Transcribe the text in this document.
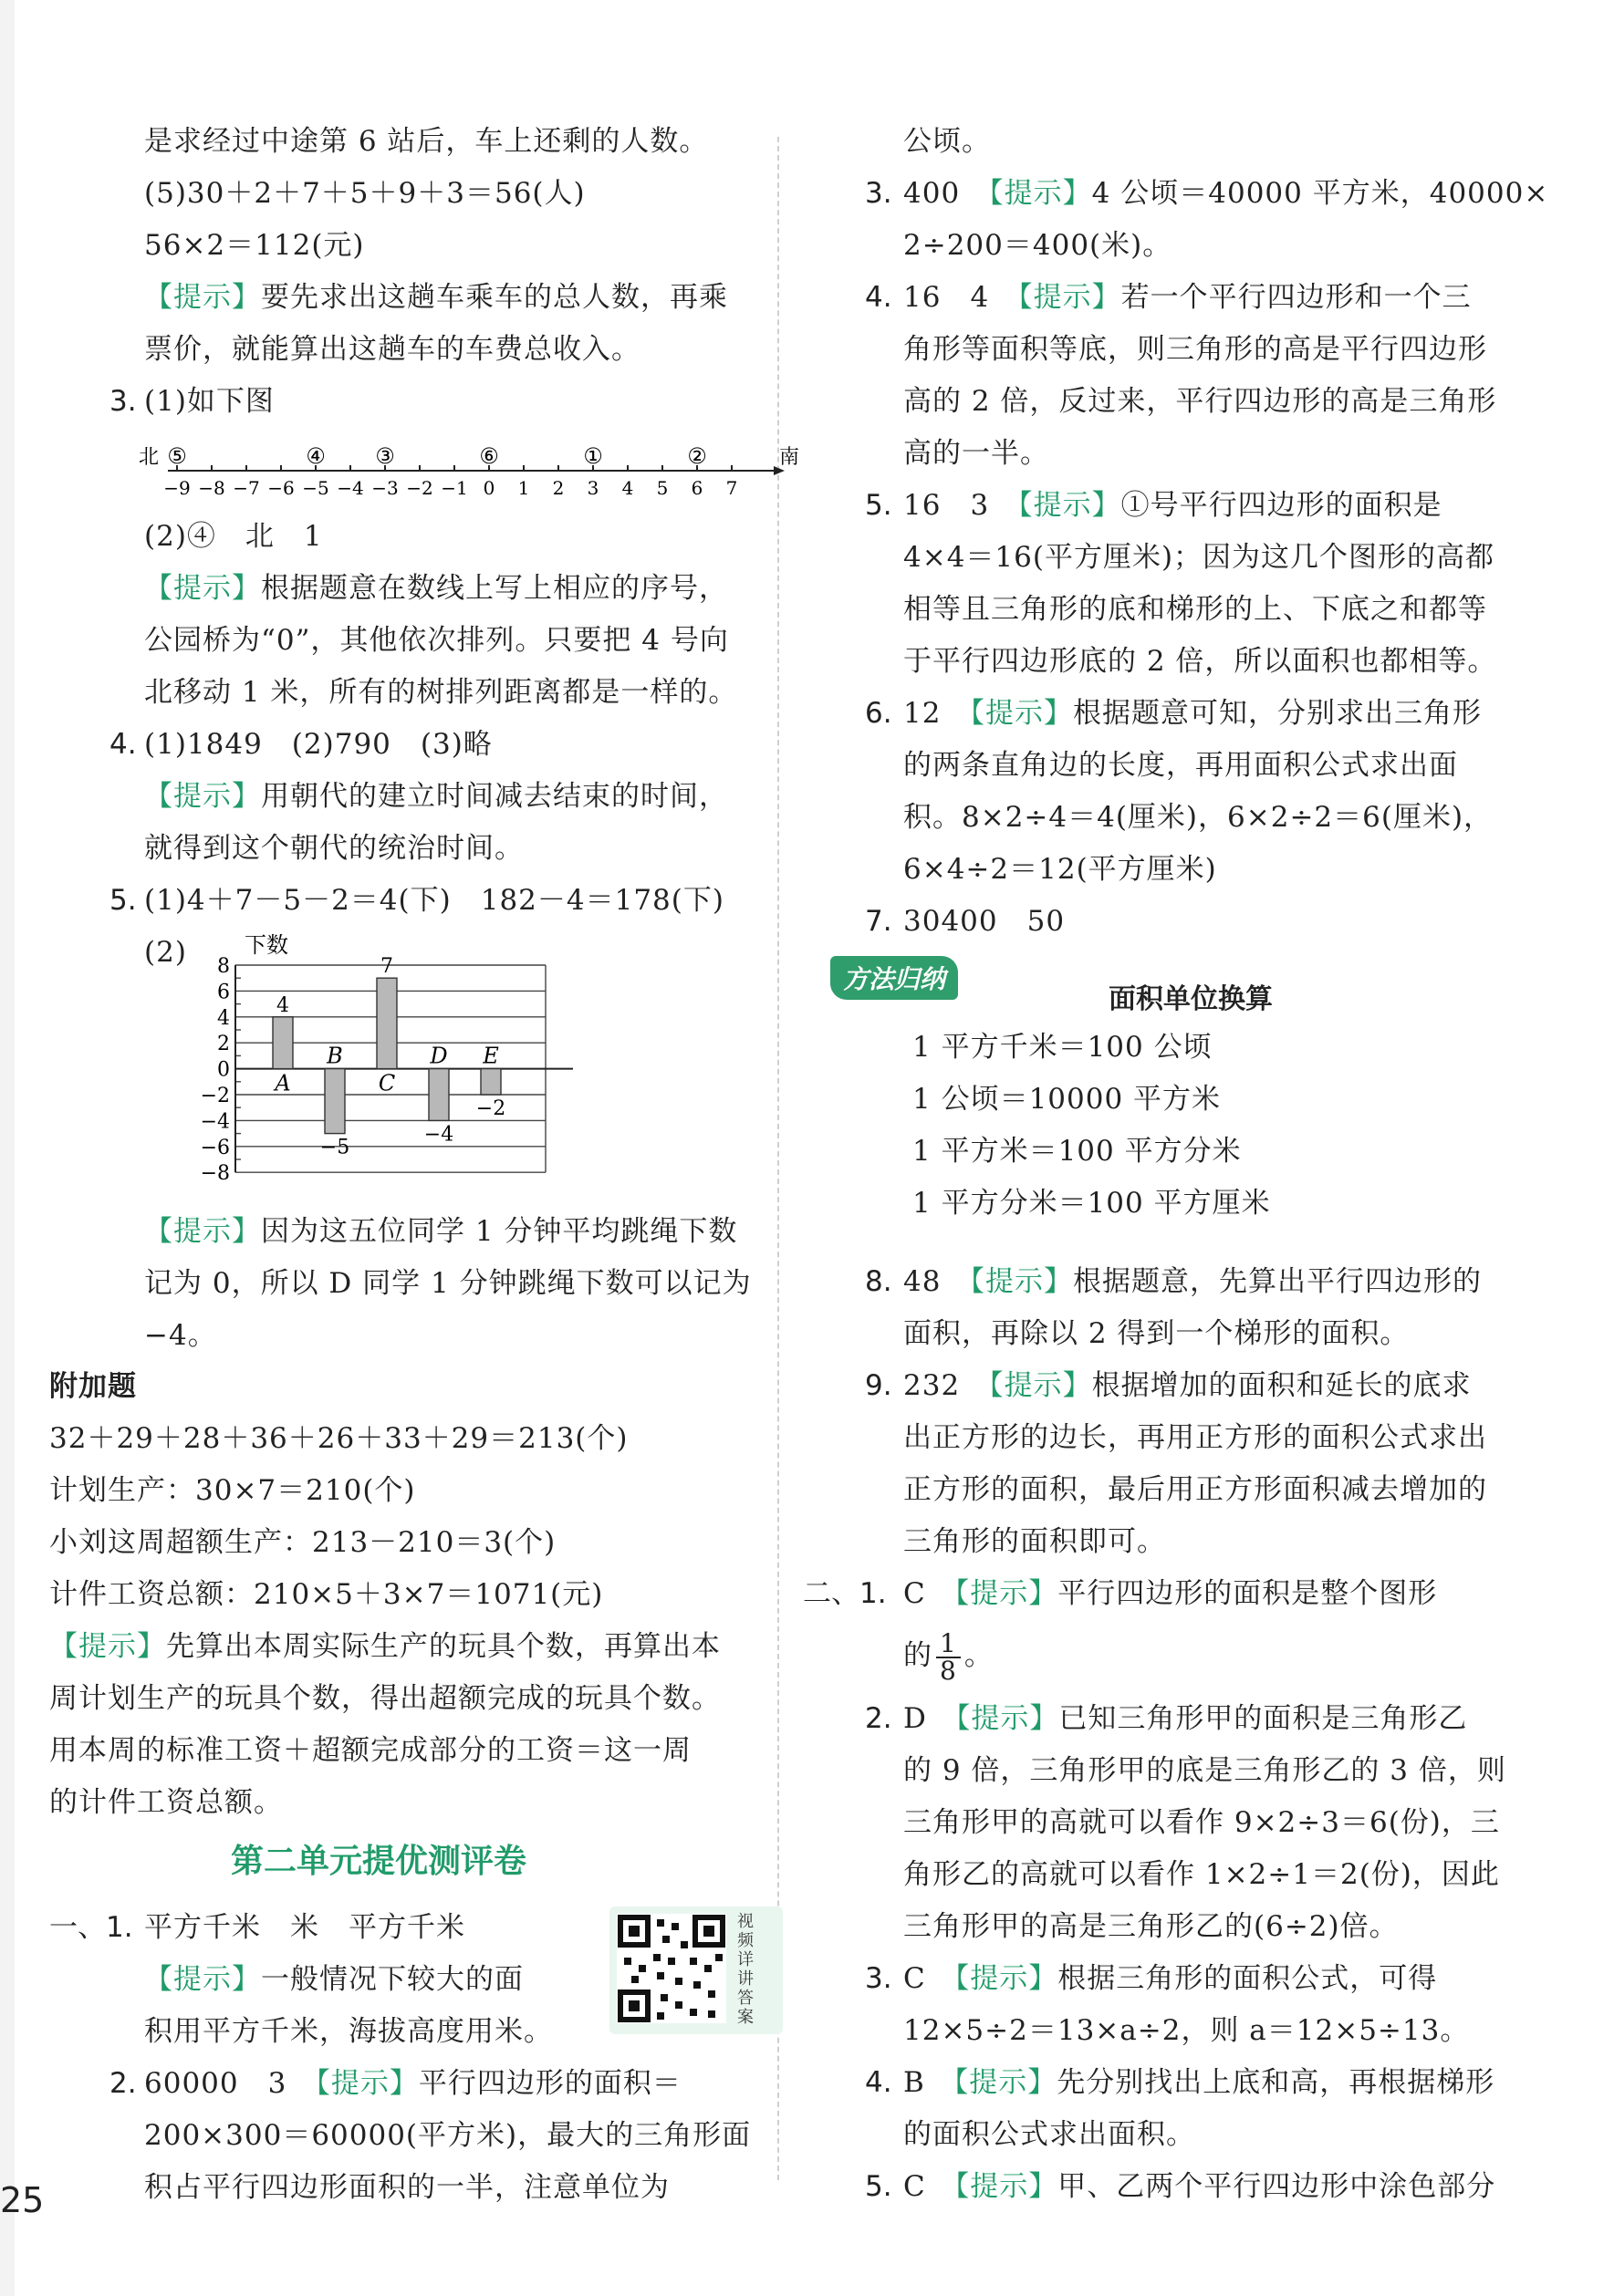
是求经过中途第 6 站后，车上还剩的人数。
(5)30＋2＋7＋5＋9＋3＝56(人)
56×2＝112(元)
【提示】要先求出这趟车乘车的总人数，再乘
票价，就能算出这趟车的车费总收入。
3. (1)如下图
北	南
−9 −8 −7 −6 −5 −4 −3 −2 −1 0 1 2 3 4 5 6 7
⑤	④ ③	⑥	①	②
(2)④　北　1
【提示】根据题意在数线上写上相应的序号，
公园桥为“0”，其他依次排列。只要把 4 号向
北移动 1 米，所有的树排列距离都是一样的。
4. (1)1849　(2)790　(3)略
【提示】用朝代的建立时间减去结束的时间，
就得到这个朝代的统治时间。
5. (1)4＋7－5－2＝4(下)　182－4＝178(下)
(2)	下数
8
6
4
2
0
−2
−4
−6
−8
A
4
B
−5
C
7
D
−4
E
−2
【提示】因为这五位同学 1 分钟平均跳绳下数
记为 0，所以 D 同学 1 分钟跳绳下数可以记为
−4。
附加题
32＋29＋28＋36＋26＋33＋29＝213(个)
计划生产：30×7＝210(个)
小刘这周超额生产：213－210＝3(个)
计件工资总额：210×5＋3×7＝1071(元)
【提示】先算出本周实际生产的玩具个数，再算出本
周计划生产的玩具个数，得出超额完成的玩具个数。
用本周的标准工资＋超额完成部分的工资＝这一周
的计件工资总额。
第二单元提优测评卷
一、1. 平方千米　米　平方千米
【提示】一般情况下较大的面
积用平方千米，海拔高度用米。
视频详讲答案
2. 60000　3　 【提示】平行四边形的面积＝
200×300＝60000(平方米)，最大的三角形面
积占平行四边形面积的一半，注意单位为
公顷。
3. 400　 【提示】4 公顷＝40000 平方米，40000×
2÷200＝400(米)。
4. 16　4　 【提示】若一个平行四边形和一个三
角形等面积等底，则三角形的高是平行四边形
高的 2 倍，反过来，平行四边形的高是三角形
高的一半。
5. 16　3　 【提示】①号平行四边形的面积是
4×4＝16(平方厘米)；因为这几个图形的高都
相等且三角形的底和梯形的上、下底之和都等
于平行四边形底的 2 倍，所以面积也都相等。
6. 12　 【提示】根据题意可知，分别求出三角形
的两条直角边的长度，再用面积公式求出面
积。8×2÷4＝4(厘米)，6×2÷2＝6(厘米)，
6×4÷2＝12(平方厘米)
7. 30400　50
方法归纳
面积单位换算
1 平方千米＝100 公顷
1 公顷＝10000 平方米
1 平方米＝100 平方分米
1 平方分米＝100 平方厘米
8. 48　 【提示】根据题意，先算出平行四边形的
面积，再除以 2 得到一个梯形的面积。
9. 232　 【提示】根据增加的面积和延长的底求
出正方形的边长，再用正方形的面积公式求出
正方形的面积，最后用正方形面积减去增加的
三角形的面积即可。
二、1. C　 【提示】平行四边形的面积是整个图形
的 $\frac{1}{8}$ 。
2. D　 【提示】已知三角形甲的面积是三角形乙
的 9 倍，三角形甲的底是三角形乙的 3 倍，则
三角形甲的高就可以看作 9×2÷3＝6(份)，三
角形乙的高就可以看作 1×2÷1＝2(份)，因此
三角形甲的高是三角形乙的(6÷2)倍。
3. C　 【提示】根据三角形的面积公式，可得
12×5÷2＝13×a÷2，则 a＝12×5÷13。
4. B　 【提示】先分别找出上底和高，再根据梯形
的面积公式求出面积。
5. C　 【提示】甲、乙两个平行四边形中涂色部分
25
